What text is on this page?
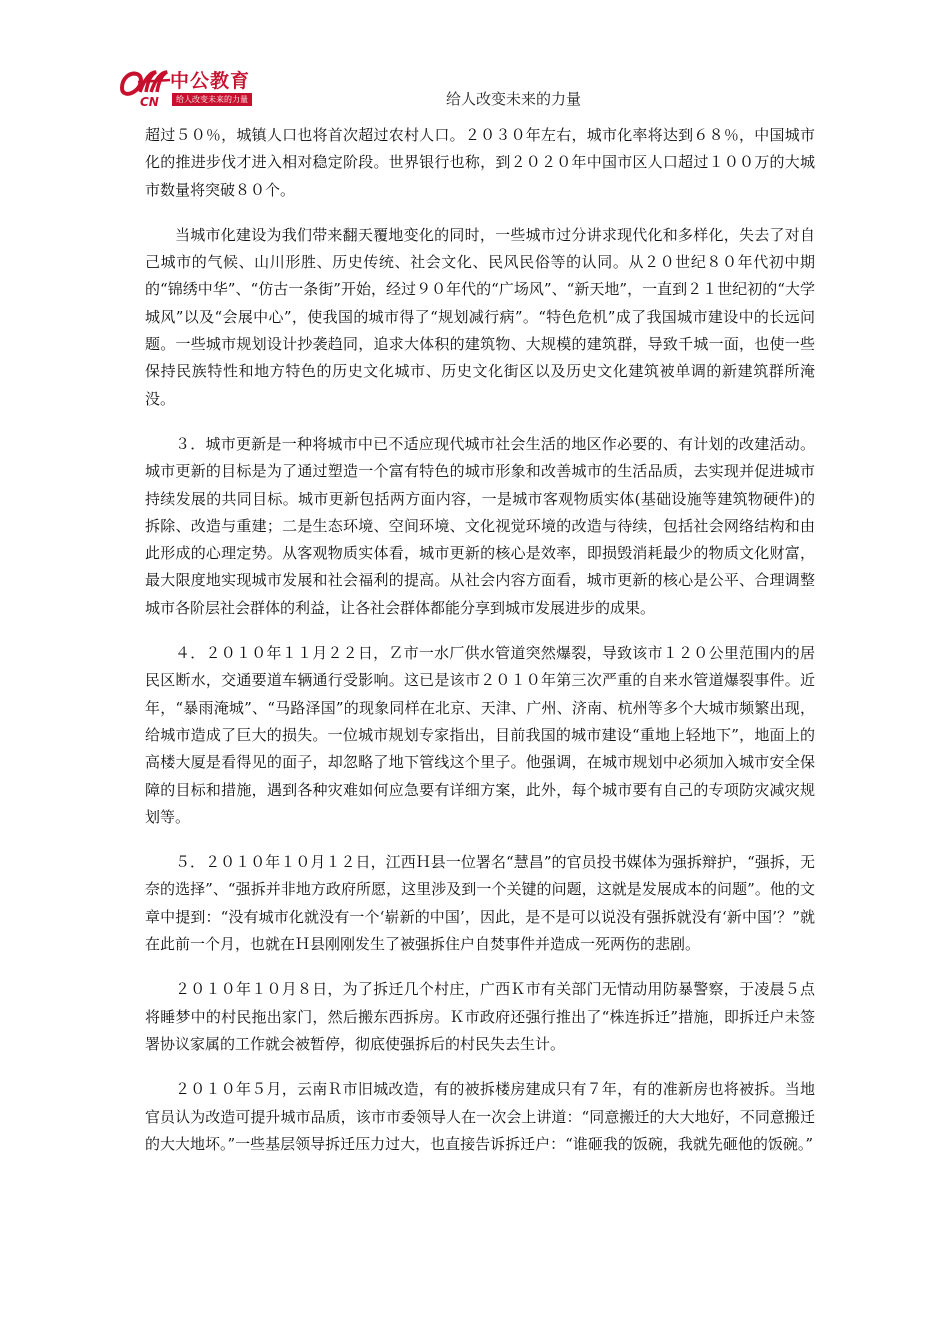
CN
中公教育
给人改变未来的力量	给人改变未来的力量

超过５０％，城镇人口也将首次超过农村人口。２０３０年左右，城市化率将达到６８％，中国城市化的推进步伐才进入相对稳定阶段。世界银行也称，到２０２０年中国市区人口超过１００万的大城市数量将突破８０个。

当城市化建设为我们带来翻天覆地变化的同时，一些城市过分讲求现代化和多样化，失去了对自己城市的气候、山川形胜、历史传统、社会文化、民风民俗等的认同。从２０世纪８０年代初中期的“锦绣中华”、“仿古一条街”开始，经过９０年代的“广场风”、“新天地”，一直到２１世纪初的“大学城风”以及“会展中心”，使我国的城市得了“规划减行病”。“特色危机”成了我国城市建设中的长远问题。一些城市规划设计抄袭趋同，追求大体积的建筑物、大规模的建筑群，导致千城一面，也使一些保持民族特性和地方特色的历史文化城市、历史文化街区以及历史文化建筑被单调的新建筑群所淹没。

３．城市更新是一种将城市中已不适应现代城市社会生活的地区作必要的、有计划的改建活动。城市更新的目标是为了通过塑造一个富有特色的城市形象和改善城市的生活品质，去实现并促进城市持续发展的共同目标。城市更新包括两方面内容，一是城市客观物质实体(基础设施等建筑物硬件)的拆除、改造与重建；二是生态环境、空间环境、文化视觉环境的改造与待续，包括社会网络结构和由此形成的心理定势。从客观物质实体看，城市更新的核心是效率，即损毁消耗最少的物质文化财富，最大限度地实现城市发展和社会福利的提高。从社会内容方面看，城市更新的核心是公平、合理调整城市各阶层社会群体的利益，让各社会群体都能分享到城市发展进步的成果。

４．２０１０年１１月２２日，Ｚ市一水厂供水管道突然爆裂，导致该市１２０公里范围内的居民区断水，交通要道车辆通行受影响。这已是该市２０１０年第三次严重的自来水管道爆裂事件。近年，“暴雨淹城”、“马路泽国”的现象同样在北京、天津、广州、济南、杭州等多个大城市频繁出现，给城市造成了巨大的损失。一位城市规划专家指出，目前我国的城市建设“重地上轻地下”，地面上的高楼大厦是看得见的面子，却忽略了地下管线这个里子。他强调，在城市规划中必须加入城市安全保障的目标和措施，遇到各种灾难如何应急要有详细方案，此外，每个城市要有自己的专项防灾减灾规划等。

５．２０１０年１０月１２日，江西Ｈ县一位署名“慧昌”的官员投书媒体为强拆辩护，“强拆，无奈的选择”、“强拆并非地方政府所愿，这里涉及到一个关键的问题，这就是发展成本的问题”。他的文章中提到：“没有城市化就没有一个‘崭新的中国’，因此，是不是可以说没有强拆就没有‘新中国’？”就在此前一个月，也就在Ｈ县刚刚发生了被强拆住户自焚事件并造成一死两伤的悲剧。

２０１０年１０月８日，为了拆迁几个村庄，广西Ｋ市有关部门无情动用防暴警察，于凌晨５点将睡梦中的村民拖出家门，然后搬东西拆房。Ｋ市政府还强行推出了“株连拆迁”措施，即拆迁户未签署协议家属的工作就会被暂停，彻底使强拆后的村民失去生计。

２０１０年５月，云南Ｒ市旧城改造，有的被拆楼房建成只有７年，有的准新房也将被拆。当地官员认为改造可提升城市品质，该市市委领导人在一次会上讲道：“同意搬迁的大大地好，不同意搬迁的大大地坏。”一些基层领导拆迁压力过大，也直接告诉拆迁户：“谁砸我的饭碗，我就先砸他的饭碗。”
